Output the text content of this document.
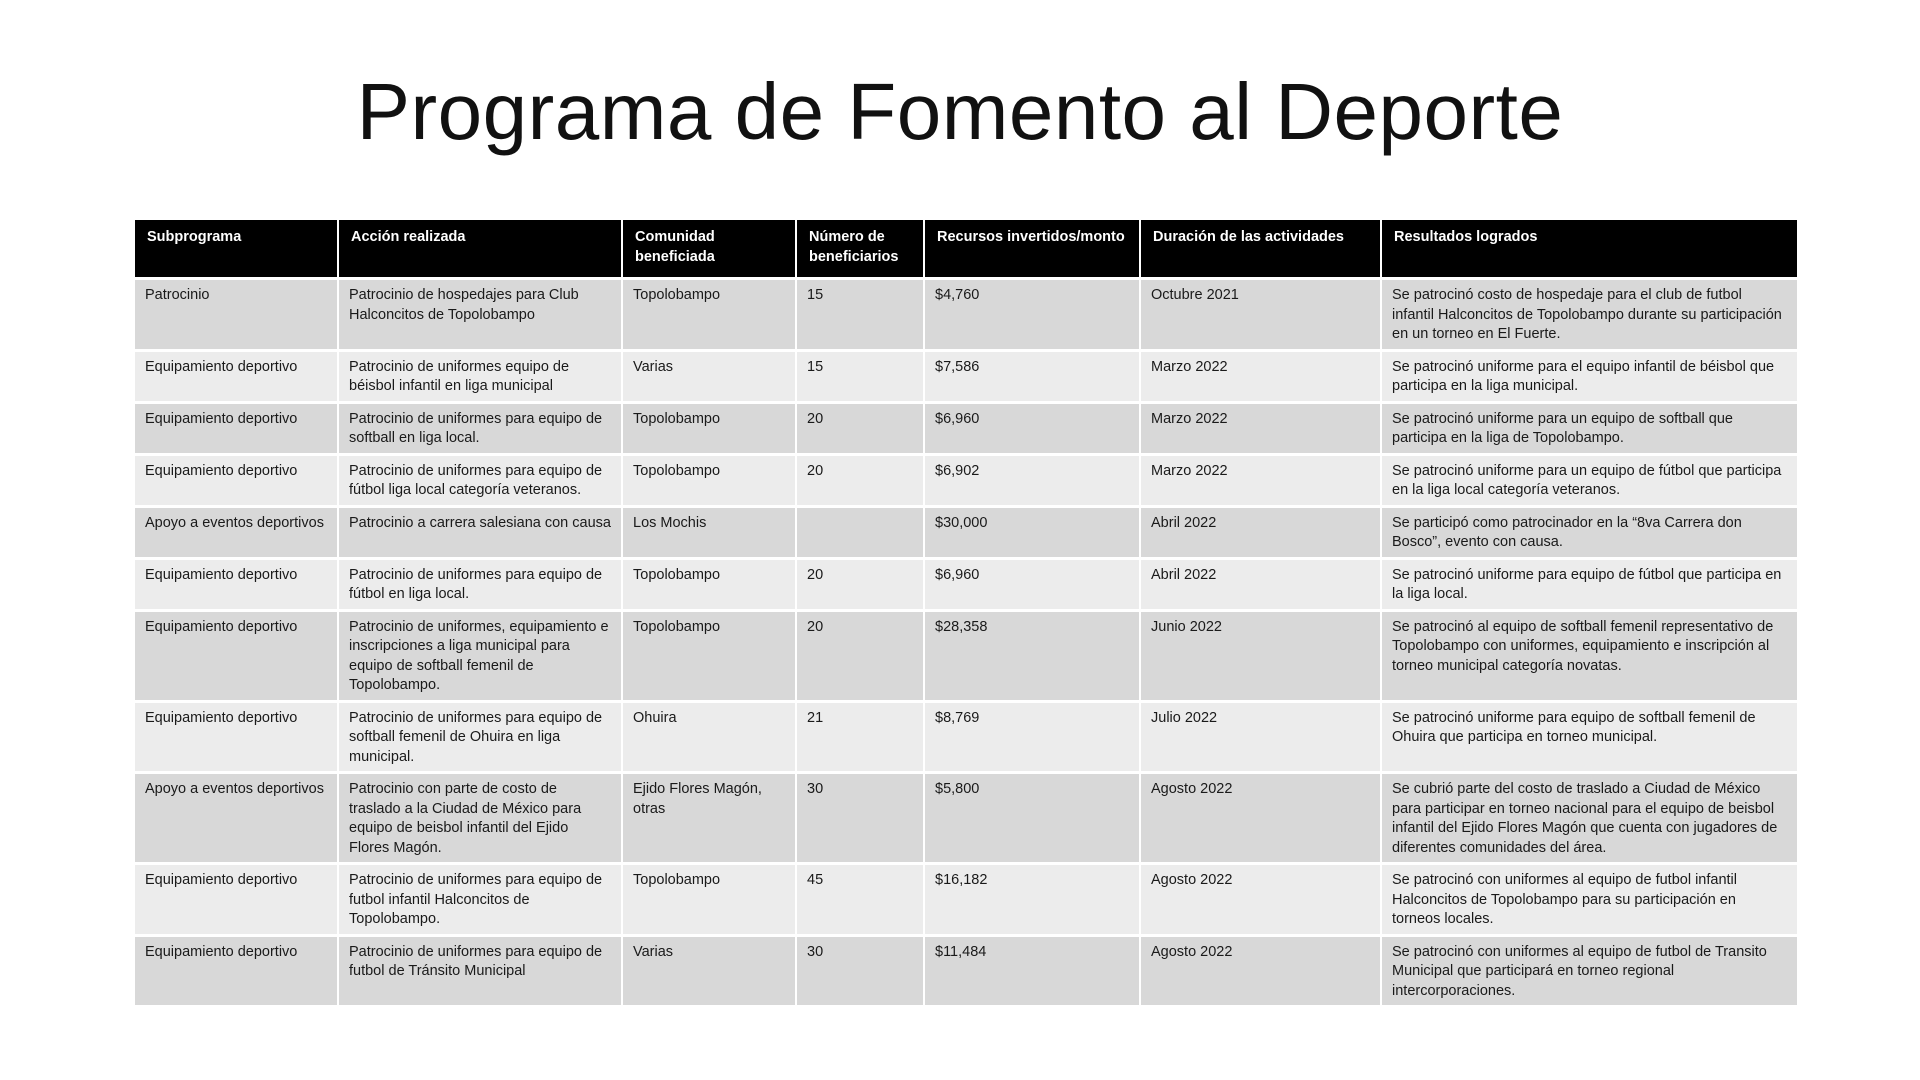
Programa de Fomento al Deporte
Subprograma	Acción realizada	Comunidad beneficiada	Número de beneficiarios	Recursos invertidos/monto	Duración de las actividades	Resultados logrados
Patrocinio	Patrocinio de hospedajes para Club Halconcitos de Topolobampo	Topolobampo	15	$4,760	Octubre 2021	Se patrocinó costo de hospedaje para el club de futbol infantil Halconcitos de Topolobampo durante su participación en un torneo en El Fuerte.
Equipamiento deportivo	Patrocinio de uniformes equipo de béisbol infantil en liga municipal	Varias	15	$7,586	Marzo 2022	Se patrocinó uniforme para el equipo infantil de béisbol que participa en la liga municipal.
Equipamiento deportivo	Patrocinio de uniformes para equipo de softball en liga local.	Topolobampo	20	$6,960	Marzo 2022	Se patrocinó uniforme para un equipo de softball que participa en la liga de Topolobampo.
Equipamiento deportivo	Patrocinio de uniformes para equipo de fútbol liga local categoría veteranos.	Topolobampo	20	$6,902	Marzo 2022	Se patrocinó uniforme para un equipo de fútbol que participa en la liga local categoría veteranos.
Apoyo a eventos deportivos	Patrocinio a carrera salesiana con causa	Los Mochis		$30,000	Abril 2022	Se participó como patrocinador en la “8va Carrera don Bosco”, evento con causa.
Equipamiento deportivo	Patrocinio de uniformes para equipo de fútbol en liga local.	Topolobampo	20	$6,960	Abril 2022	Se patrocinó uniforme para equipo de fútbol que participa en la liga local.
Equipamiento deportivo	Patrocinio de uniformes, equipamiento e inscripciones a liga municipal para equipo de softball femenil de Topolobampo.	Topolobampo	20	$28,358	Junio 2022	Se patrocinó al equipo de softball femenil representativo de Topolobampo con uniformes, equipamiento e inscripción al torneo municipal categoría novatas.
Equipamiento deportivo	Patrocinio de uniformes para equipo de softball femenil de Ohuira en liga municipal.	Ohuira	21	$8,769	Julio 2022	Se patrocinó uniforme para equipo de softball femenil de Ohuira que participa en torneo municipal.
Apoyo a eventos deportivos	Patrocinio con parte de costo de traslado a la Ciudad de México para equipo de beisbol infantil del Ejido Flores Magón.	Ejido Flores Magón, otras	30	$5,800	Agosto 2022	Se cubrió parte del costo de traslado a Ciudad de México para participar en torneo nacional para el equipo de beisbol infantil del Ejido Flores Magón que cuenta con jugadores de diferentes comunidades del área.
Equipamiento deportivo	Patrocinio de uniformes para equipo de futbol infantil Halconcitos de Topolobampo.	Topolobampo	45	$16,182	Agosto 2022	Se patrocinó con uniformes al equipo de futbol infantil Halconcitos de Topolobampo para su participación en torneos locales.
Equipamiento deportivo	Patrocinio de uniformes para equipo de futbol de Tránsito Municipal	Varias	30	$11,484	Agosto 2022	Se patrocinó con uniformes al equipo de futbol de Transito Municipal que participará en torneo regional intercorporaciones.
